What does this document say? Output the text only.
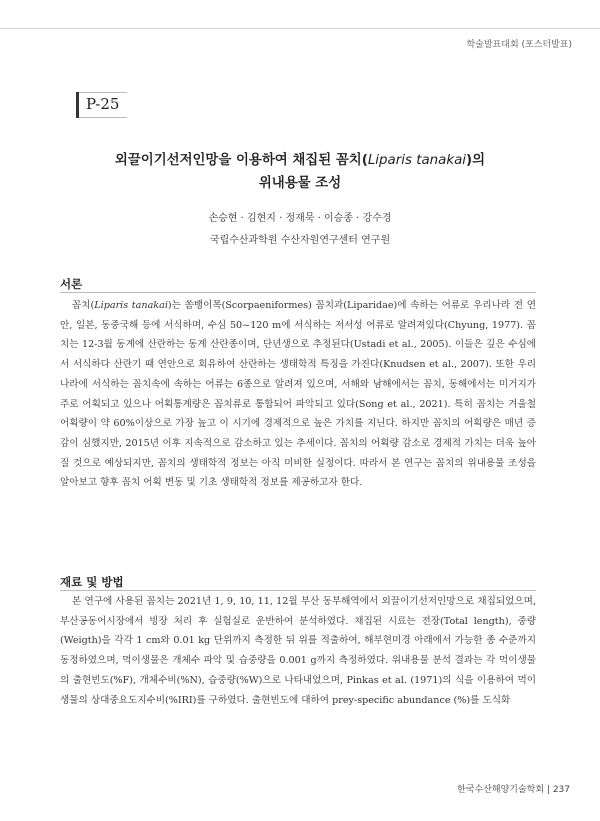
학술발표대회 (포스터발표)
P-25
외끌이기선저인망을 이용하여 채집된 꼼치(Liparis tanakai)의
위내용물 조성
손승현 · 김현지 · 정재묵 · 이승종 · 강수경
국립수산과학원 수산자원연구센터 연구원
서론
꼼치(Liparis tanakai)는 쏨뱅이목(Scorpaeniformes) 꼼치과(Liparidae)에 속하는 어류로 우리나라 전 연안, 일본, 동중국해 등에 서식하며, 수심 50~120 m에 서식하는 저서성 어류로 알려져있다(Chyung, 1977). 꼼치는 12-3월 동계에 산란하는 동계 산란종이며, 단년생으로 추정된다(Ustadi et al., 2005). 이들은 깊은 수심에서 서식하다 산란기 때 연안으로 회유하여 산란하는 생태학적 특징을 가진다(Knudsen et al., 2007). 또한 우리나라에 서식하는 꼼치속에 속하는 어류는 6종으로 알려져 있으며, 서해와 남해에서는 꼼치, 동해에서는 미거지가 주로 어획되고 있으나 어획통계량은 꼼치류로 통합되어 파악되고 있다(Song et al., 2021). 특히 꼼치는 겨울철 어획량이 약 60%이상으로 가장 높고 이 시기에 경제적으로 높은 가치를 지닌다. 하지만 꼼치의 어획량은 매년 증감이 심했지만, 2015년 이후 지속적으로 감소하고 있는 추세이다. 꼼치의 어획량 감소로 경제적 가치는 더욱 높아질 것으로 예상되지만, 꼼치의 생태학적 정보는 아직 미비한 실정이다. 따라서 본 연구는 꼼치의 위내용물 조성을 알아보고 향후 꼼치 어획 변동 및 기초 생태학적 정보를 제공하고자 한다.
재료 및 방법
본 연구에 사용된 꼼치는 2021년 1, 9, 10, 11, 12월 부산 동부해역에서 외끌이기선저인망으로 채집되었으며, 부산공동어시장에서 빙장 처리 후 실험실로 운반하여 분석하였다. 채집된 시료는 전장(Total length), 중량(Weigth)을 각각 1 cm와 0.01 kg 단위까지 측정한 뒤 위를 적출하여, 해부현미경 아래에서 가능한 종 수준까지 동정하였으며, 먹이생물은 개체수 파악 및 습중량을 0.001 g까지 측정하였다. 위내용물 분석 결과는 각 먹이생물의 출현빈도(%F), 개체수비(%N), 습중량(%W)으로 나타내었으며, Pinkas et al. (1971)의 식을 이용하여 먹이생물의 상대중요도지수비(%IRI)를 구하였다. 출현빈도에 대하여 prey-specific abundance (%)를 도식화
한국수산해양기술학회 | 237
